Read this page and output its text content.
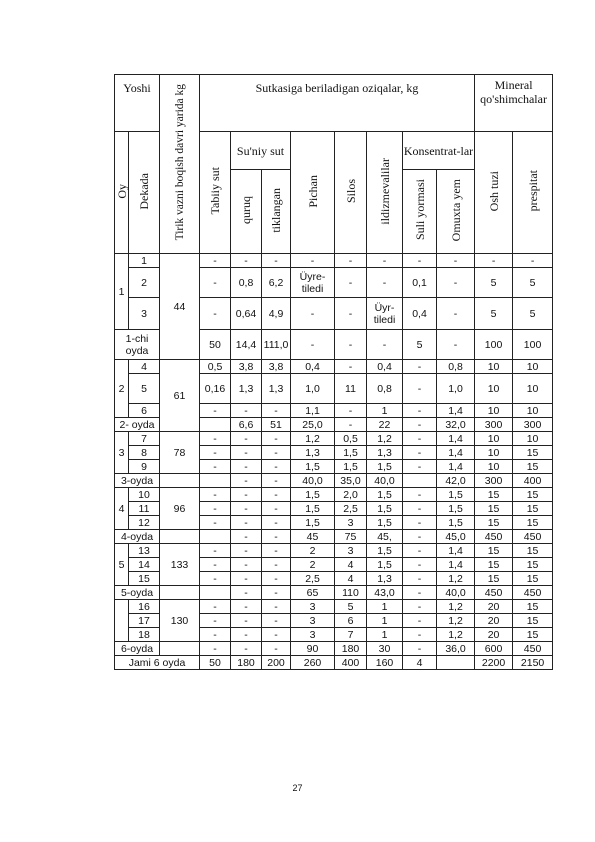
Yoshi		Tirik vazni boqish davri yarida kg	Sutkasiga beriladigan oziqalar, kg								Mineral qo'shimchalar	
Oy	Dekada		Tabiiy sut	Su'niy sut		Pichan	Silos	ildizmevalilar	Konsentrat-lar		Osh tuzi	prespitat
				quruq	tiklangan				Suli yormasi	Omuxta yem		
1	1	44	-	-	-	-	-	-	-	-	-	-
	2		-	0,8	6,2	Üyre-tiledi	-	-	0,1	-	5	5
	3		-	0,64	4,9	-	-	Üyr-tiledi	0,4	-	5	5
1-chi oyda			50	14,4	111,0	-	-	-	5	-	100	100
2	4	61	0,5	3,8	3,8	0,4	-	0,4	-	0,8	10	10
	5		0,16	1,3	1,3	1,0	11	0,8	-	1,0	10	10
	6		-	-	-	1,1	-	1	-	1,4	10	10
2- oyda				6,6	51	25,0	-	22	-	32,0	300	300
3	7	78	-	-	-	1,2	0,5	1,2	-	1,4	10	10
	8		-	-	-	1,3	1,5	1,3	-	1,4	10	15
	9		-	-	-	1,5	1,5	1,5	-	1,4	10	15
3-oyda				-	-	40,0	35,0	40,0		42,0	300	400
4	10	96	-	-	-	1,5	2,0	1,5	-	1,5	15	15
	11		-	-	-	1,5	2,5	1,5	-	1,5	15	15
	12		-	-	-	1,5	3	1,5	-	1,5	15	15
4-oyda				-	-	45	75	45,	-	45,0	450	450
5	13	133	-	-	-	2	3	1,5	-	1,4	15	15
	14		-	-	-	2	4	1,5	-	1,4	15	15
	15		-	-	-	2,5	4	1,3	-	1,2	15	15
5-oyda				-	-	65	110	43,0	-	40,0	450	450
	16	130	-	-	-	3	5	1	-	1,2	20	15
	17		-	-	-	3	6	1	-	1,2	20	15
	18		-	-	-	3	7	1	-	1,2	20	15
6-oyda			-	-	-	90	180	30	-	36,0	600	450
Jami 6 oyda			50	180	200	260	400	160	4		2200	2150
27
